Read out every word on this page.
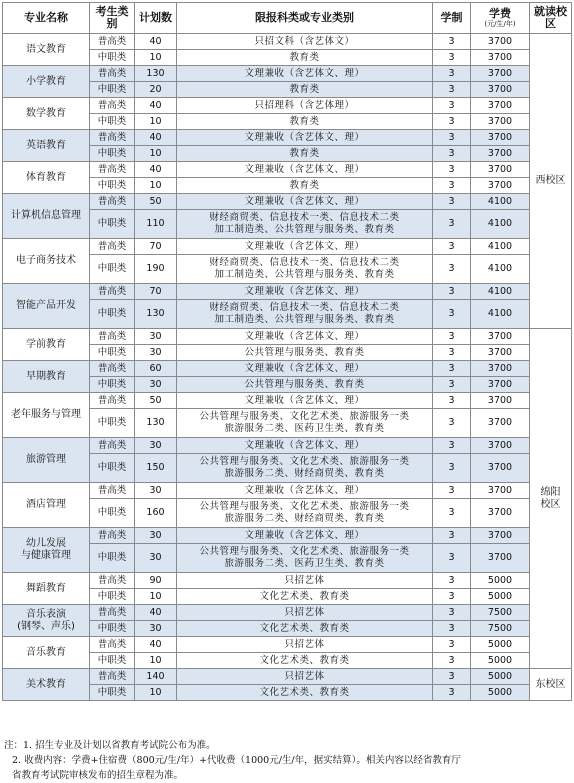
专业名称	考生类别	计划数	限报科类或专业类别	学制	学费
(元/生/年)	就读校区
语文教育	普高类	40	只招文科（含艺体文）	3	3700	西校区
	中职类	10	教育类	3	3700	
小学教育	普高类	130	文理兼收（含艺体文、理）	3	3700	
	中职类	20	教育类	3	3700	
数学教育	普高类	40	只招理科（含艺体理）	3	3700	
	中职类	10	教育类	3	3700	
英语教育	普高类	40	文理兼收（含艺体文、理）	3	3700	
	中职类	10	教育类	3	3700	
体育教育	普高类	40	文理兼收（含艺体文、理）	3	3700	
	中职类	10	教育类	3	3700	
计算机信息管理	普高类	50	文理兼收（含艺体文、理）	3	4100	
	中职类	110	财经商贸类、信息技术一类、信息技术二类
加工制造类、公共管理与服务类、教育类	3	4100	
电子商务技术	普高类	70	文理兼收（含艺体文、理）	3	4100	
	中职类	190	财经商贸类、信息技术一类、信息技术二类
加工制造类、公共管理与服务类、教育类	3	4100	
智能产品开发	普高类	70	文理兼收（含艺体文、理）	3	4100	
	中职类	130	财经商贸类、信息技术一类、信息技术二类
加工制造类、公共管理与服务类、教育类	3	4100	
学前教育	普高类	30	文理兼收（含艺体文、理）	3	3700	绵阳
校区
	中职类	30	公共管理与服务类、教育类	3	3700	
早期教育	普高类	60	文理兼收（含艺体文、理）	3	3700	
	中职类	30	公共管理与服务类、教育类	3	3700	
老年服务与管理	普高类	50	文理兼收（含艺体文、理）	3	3700	
	中职类	130	公共管理与服务类、文化艺术类、旅游服务一类
旅游服务二类、医药卫生类、教育类	3	3700	
旅游管理	普高类	30	文理兼收（含艺体文、理）	3	3700	
	中职类	150	公共管理与服务类、文化艺术类、旅游服务一类
旅游服务二类、财经商贸类、教育类	3	3700	
酒店管理	普高类	30	文理兼收（含艺体文、理）	3	3700	
	中职类	160	公共管理与服务类、文化艺术类、旅游服务一类
旅游服务二类、财经商贸类、教育类	3	3700	
幼儿发展
与健康管理	普高类	30	文理兼收（含艺体文、理）	3	3700	
	中职类	30	公共管理与服务类、文化艺术类、旅游服务一类
旅游服务二类、医药卫生类、教育类	3	3700	
舞蹈教育	普高类	90	只招艺体	3	5000	
	中职类	10	文化艺术类、教育类	3	5000	
音乐表演
(钢琴、声乐)	普高类	40	只招艺体	3	7500	
	中职类	30	文化艺术类、教育类	3	7500	
音乐教育	普高类	40	只招艺体	3	5000	
	中职类	10	文化艺术类、教育类	3	5000	
美术教育	普高类	140	只招艺体	3	5000	东校区
	中职类	10	文化艺术类、教育类	3	5000	
注：1. 招生专业及计划以省教育考试院公布为准。
2. 收费内容：学费+住宿费（800元/生/年）+代收费（1000元/生/年，据实结算）。相关内容以经省教育厅
省教育考试院审核发布的招生章程为准。
